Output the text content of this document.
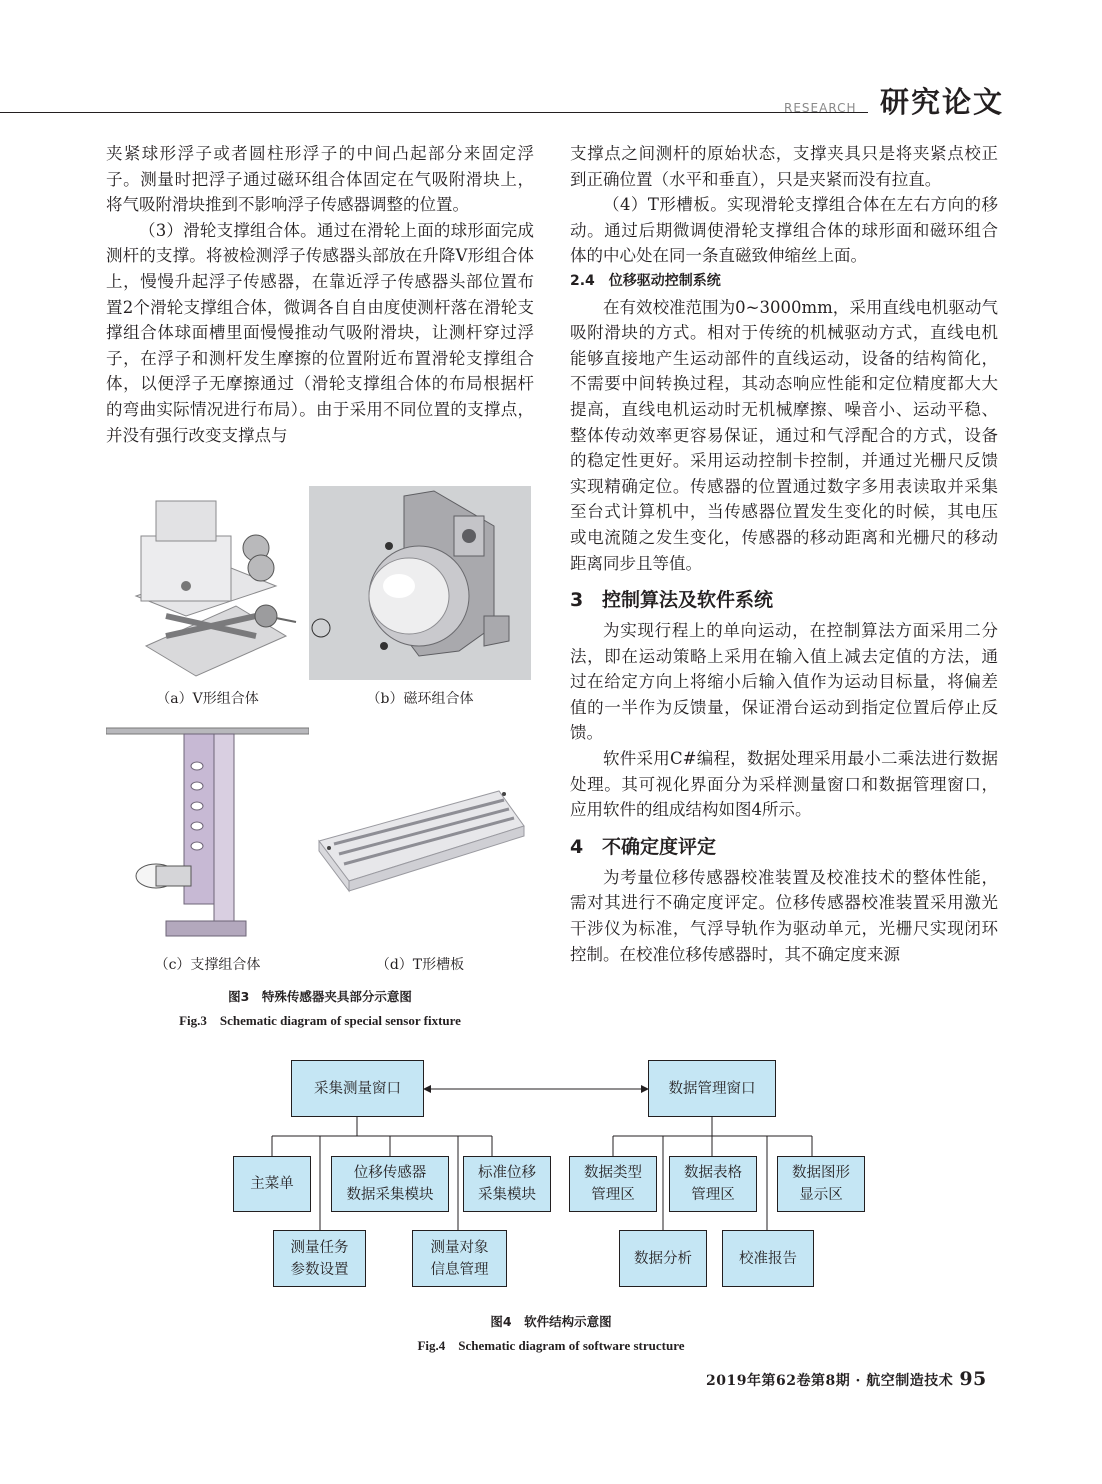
RESEARCH 研究论文

夹紧球形浮子或者圆柱形浮子的中间凸起部分来固定浮子。测量时把浮子通过磁环组合体固定在气吸附滑块上，将气吸附滑块推到不影响浮子传感器调整的位置。

（3）滑轮支撑组合体。通过在滑轮上面的球形面完成测杆的支撑。将被检测浮子传感器头部放在升降V形组合体上，慢慢升起浮子传感器，在靠近浮子传感器头部位置布置2个滑轮支撑组合体，微调各自自由度使测杆落在滑轮支撑组合体球面槽里面慢慢推动气吸附滑块，让测杆穿过浮子，在浮子和测杆发生摩擦的位置附近布置滑轮支撑组合体，以便浮子无摩擦通过（滑轮支撑组合体的布局根据杆的弯曲实际情况进行布局）。由于采用不同位置的支撑点，并没有强行改变支撑点与

支撑点之间测杆的原始状态，支撑夹具只是将夹紧点校正到正确位置（水平和垂直），只是夹紧而没有拉直。

（4）T形槽板。实现滑轮支撑组合体在左右方向的移动。通过后期微调使滑轮支撑组合体的球形面和磁环组合体的中心处在同一条直磁致伸缩丝上面。

2.4　位移驱动控制系统

在有效校准范围为0~3000mm，采用直线电机驱动气吸附滑块的方式。相对于传统的机械驱动方式，直线电机能够直接地产生运动部件的直线运动，设备的结构简化，不需要中间转换过程，其动态响应性能和定位精度都大大提高，直线电机运动时无机械摩擦、噪音小、运动平稳、整体传动效率更容易保证，通过和气浮配合的方式，设备的稳定性更好。采用运动控制卡控制，并通过光栅尺反馈实现精确定位。传感器的位置通过数字多用表读取并采集至台式计算机中，当传感器位置发生变化的时候，其电压或电流随之发生变化，传感器的移动距离和光栅尺的移动距离同步且等值。

3 控制算法及软件系统

为实现行程上的单向运动，在控制算法方面采用二分法，即在运动策略上采用在输入值上减去定值的方法，通过在给定方向上将缩小后输入值作为运动目标量，将偏差值的一半作为反馈量，保证滑台运动到指定位置后停止反馈。

软件采用C#编程，数据处理采用最小二乘法进行数据处理。其可视化界面分为采样测量窗口和数据管理窗口，应用软件的组成结构如图4所示。

4 不确定度评定

为考量位移传感器校准装置及校准技术的整体性能，需对其进行不确定度评定。位移传感器校准装置采用激光干涉仪为标准，气浮导轨作为驱动单元，光栅尺实现闭环控制。在校准位移传感器时，其不确定度来源

（a）V形组合体	（b）磁环组合体
（c）支撑组合体	（d）T形槽板
图3　特殊传感器夹具部分示意图
Fig.3　Schematic diagram of special sensor fixture
采集测量窗口	数据管理窗口
主菜单
位移传感器
数据采集模块
标准位移
采集模块
数据类型
管理区
数据表格
管理区
数据图形
显示区
测量任务
参数设置
测量对象
信息管理
数据分析	校准报告
图4　软件结构示意图
Fig.4　Schematic diagram of software structure
2019年第62卷第8期 · 航空制造技术 95
